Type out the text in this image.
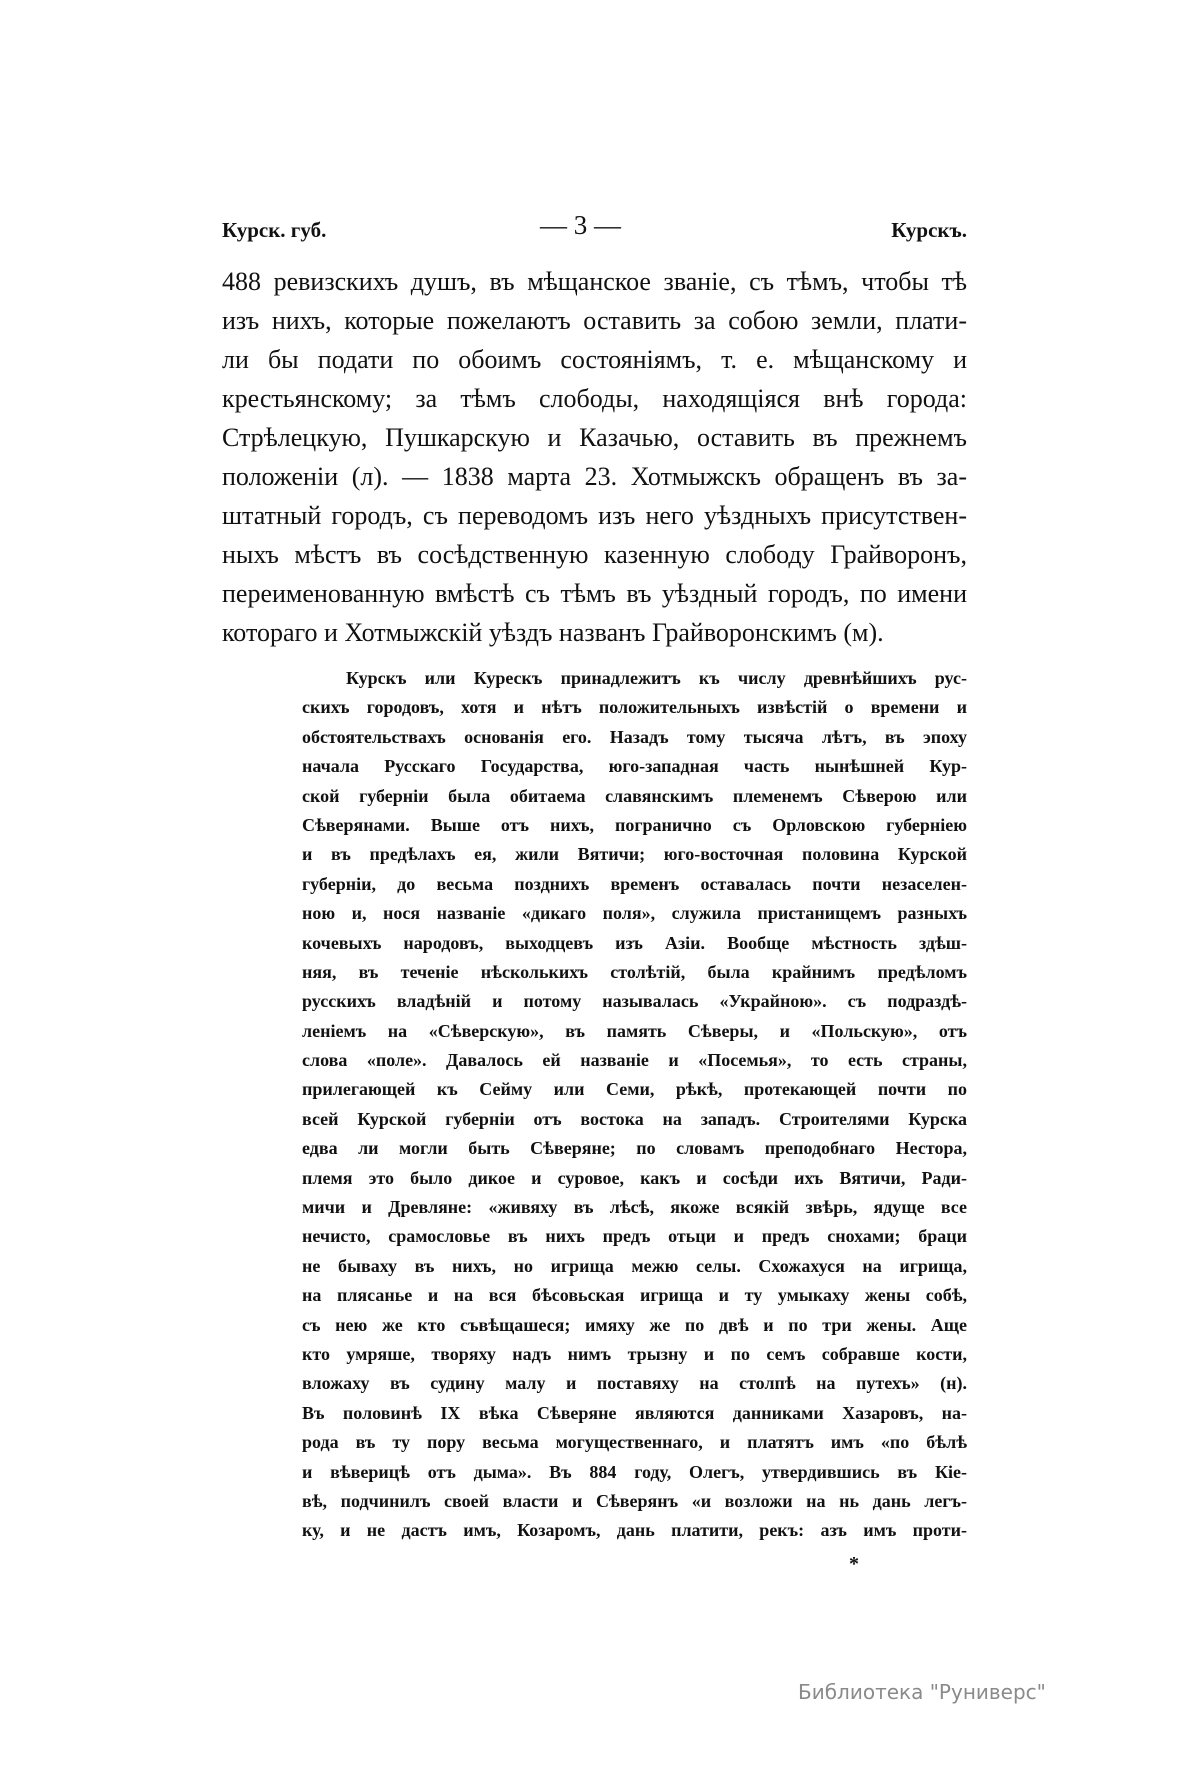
Курск. губ.	— 3 —	Курскъ.
488 ревизскихъ душъ, въ мѣщанское званіе, съ тѣмъ, чтобы тѣ
изъ нихъ, которые пожелаютъ оставить за собою земли, плати-
ли бы подати по обоимъ состояніямъ, т. е. мѣщанскому и
крестьянскому; за тѣмъ слободы, находящіяся внѣ города:
Стрѣлецкую, Пушкарскую и Казачью, оставить въ прежнемъ
положеніи (л). — 1838 марта 23. Хотмыжскъ обращенъ въ за-
штатный городъ, съ переводомъ изъ него уѣздныхъ присутствен-
ныхъ мѣстъ въ сосѣдственную казенную слободу Грайворонъ,
переименованную вмѣстѣ съ тѣмъ въ уѣздный городъ, по имени
котораго и Хотмыжскій уѣздъ названъ Грайворонскимъ (м).
Курскъ или Курескъ принадлежитъ къ числу древнѣйшихъ рус-
скихъ городовъ, хотя и нѣтъ положительныхъ извѣстій о времени и
обстоятельствахъ основанія его. Назадъ тому тысяча лѣтъ, въ эпоху
начала Русскаго Государства, юго-западная часть нынѣшней Кур-
ской губерніи была обитаема славянскимъ племенемъ Сѣверою или
Сѣверянами. Выше отъ нихъ, погранично съ Орловскою губерніею
и въ предѣлахъ ея, жили Вятичи; юго-восточная половина Курской
губерніи, до весьма позднихъ временъ оставалась почти незаселен-
ною и, нося названіе «дикаго поля», служила пристанищемъ разныхъ
кочевыхъ народовъ, выходцевъ изъ Азіи. Вообще мѣстность здѣш-
няя, въ теченіе нѣсколькихъ столѣтій, была крайнимъ предѣломъ
русскихъ владѣній и потому называлась «Украйною». съ подраздѣ-
леніемъ на «Сѣверскую», въ память Сѣверы, и «Польскую», отъ
слова «поле». Давалось ей названіе и «Посемья», то есть страны,
прилегающей къ Сейму или Семи, рѣкѣ, протекающей почти по
всей Курской губерніи отъ востока на западъ. Строителями Курска
едва ли могли быть Сѣверяне; по словамъ преподобнаго Нестора,
племя это было дикое и суровое, какъ и сосѣди ихъ Вятичи, Ради-
мичи и Древляне: «живяху въ лѣсѣ, якоже всякій звѣрь, ядуще все
нечисто, срамословье въ нихъ предъ отьци и предъ снохами; браци
не бываху въ нихъ, но игрища межю селы. Схожахуся на игрища,
на плясанье и на вся бѣсовьская игрища и ту умыкаху жены собѣ,
съ нею же кто съвѣщашеся; имяху же по двѣ и по три жены. Аще
кто умряше, творяху надъ нимъ трызну и по семъ собравше кости,
вложаху въ судину малу и поставяху на столпѣ на путехъ» (н).
Въ половинѣ IX вѣка Сѣверяне являются данниками Хазаровъ, на-
рода въ ту пору весьма могущественнаго, и платятъ имъ «по бѣлѣ
и вѣверицѣ отъ дыма». Въ 884 году, Олегъ, утвердившись въ Кіе-
вѣ, подчинилъ своей власти и Сѣверянъ «и возложи на нь дань легъ-
ку, и не дастъ имъ, Козаромъ, дань платити, рекъ: азъ имъ проти-
*
Библиотека "Руниверс"
